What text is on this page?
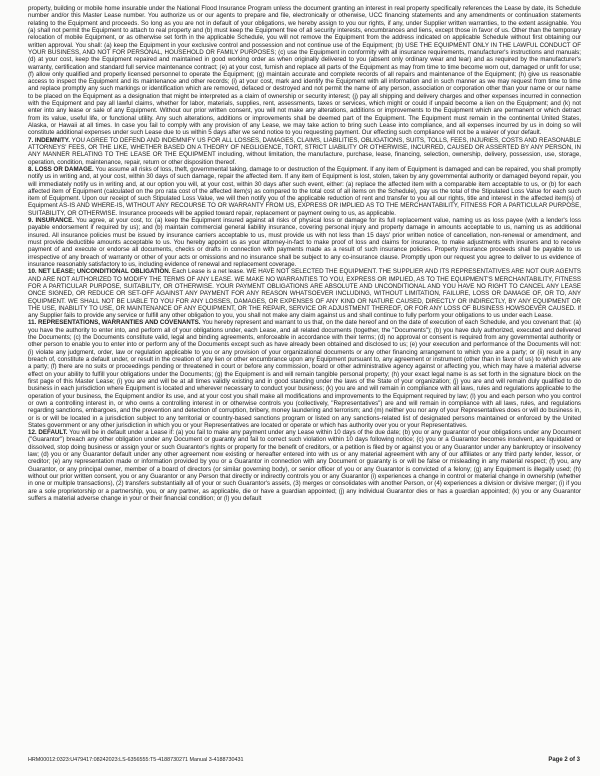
property, building or mobile home insurable under the National Flood Insurance Program unless the document granting an interest in real property specifically references the Lease by date, its Schedule number and/or this Master Lease number. You authorize us or our agents to prepare and file, electronically or otherwise, UCC financing statements and any amendments or continuation statements relating to the Equipment and proceeds. So long as you are not in default of your obligations, we hereby assign to you our rights, if any, under Supplier written warranties, to the extent assignable. You (a) shall not permit the Equipment to attach to real property and (b) must keep the Equipment free of all security interests, encumbrances and liens, except those in favor of us. Other than the temporary relocation of mobile Equipment, or as otherwise set forth in the applicable Schedule, you will not remove the Equipment from the address indicated on applicable Schedule without first obtaining our written approval. You shall: (a) keep the Equipment in your exclusive control and possession and not continue use of the Equipment; (b) USE THE EQUIPMENT ONLY IN THE LAWFUL CONDUCT OF YOUR BUSINESS, AND NOT FOR PERSONAL, HOUSEHOLD OR FAMILY PURPOSES; (c) use the Equipment in conformity with all insurance requirements, manufacturer's instructions and manuals; (d) at your cost, keep the Equipment repaired and maintained in good working order as when originally delivered to you (absent only ordinary wear and tear) and as required by the manufacturer's warranty, certification and standard full service maintenance contract; (e) at your cost, furnish and replace all parts of the Equipment as may from time to time become worn out, damaged or unfit for use; (f) allow only qualified and properly licensed personnel to operate the Equipment; (g) maintain accurate and complete records of all repairs and maintenance of the Equipment; (h) give us reasonable access to inspect the Equipment and its maintenance and other records; (i) at your cost, mark and identify the Equipment with all information and in such manner as we may request from time to time and replace promptly any such markings or identification which are removed, defaced or destroyed and not permit the name of any person, association or corporation other than your name or our name to be placed on the Equipment as a designation that might be interpreted as a claim of ownership or security interest; (j) pay all shipping and delivery charges and other expenses incurred in connection with the Equipment and pay all lawful claims, whether for labor, materials, supplies, rent, assessments, taxes or services, which might or could if unpaid become a lien on the Equipment; and (k) not enter into any lease or sale of any Equipment. Without our prior written consent, you will not make any alterations, additions or improvements to the Equipment which are permanent or which detract from its value, useful life, or functional utility. Any such alterations, additions or improvements shall be deemed part of the Equipment. The Equipment must remain in the continental United States, Alaska, or Hawaii at all times. In case you fail to comply with any provision of any Lease, we may take action to bring such Lease into compliance, and all expenses incurred by us in doing so will constitute additional expenses under such Lease due to us within 5 days after we send notice to you requesting payment. Our effecting such compliance will not be a waiver of your default.

7. INDEMNITY. YOU AGREE TO DEFEND AND INDEMNIFY US FOR ALL LOSSES, DAMAGES, CLAIMS, LIABILITIES, OBLIGATIONS, SUITS, TOLLS, FEES, INJURIES, COSTS AND REASONABLE ATTORNEYS' FEES, OR THE LIKE, WHETHER BASED ON A THEORY OF NEGLIGENCE, TORT, STRICT LIABILITY OR OTHERWISE, INCURRED, CAUSED OR ASSERTED BY ANY PERSON, IN ANY MANNER RELATING TO THE LEASE OR THE EQUIPMENT including, without limitation, the manufacture, purchase, lease, financing, selection, ownership, delivery, possession, use, storage, operation, condition, maintenance, repair, return or other disposition thereof.

8. LOSS OR DAMAGE. You assume all risks of loss, theft, governmental taking, damage to or destruction of the Equipment. If any item of Equipment is damaged and can be repaired, you shall promptly notify us in writing and, at your cost, within 30 days of such damage, repair the affected item. If any item of Equipment is lost, stolen, taken by any governmental authority or damaged beyond repair, you will immediately notify us in writing and, at our option you will, at your cost, within 30 days after such event, either: (a) replace the affected item with a comparable item acceptable to us, or (b) for each affected item of Equipment (calculated on the pro rata cost of the affected item(s) as compared to the total cost of all items on the Schedule), pay us the total of the Stipulated Loss Value for each such item of Equipment. Upon our receipt of such Stipulated Loss Value, we will then notify you of the applicable reduction of rent and transfer to you all our rights, title and interest in the affected item(s) of Equipment AS-IS AND WHERE-IS, WITHOUT ANY RECOURSE TO OR WARRANTY FROM US, EXPRESS OR IMPLIED AS TO THE MERCHANTABILITY, FITNESS FOR A PARTICULAR PURPOSE, SUITABILITY, OR OTHERWISE. Insurance proceeds will be applied toward repair, replacement or payment owing to us, as applicable.

9. INSURANCE. You agree, at your cost, to: (a) keep the Equipment insured against all risks of physical loss or damage for its full replacement value, naming us as loss payee (with a lender's loss payable endorsement if required by us); and (b) maintain commercial general liability insurance, covering personal injury and property damage in amounts acceptable to us, naming us as additional insured. All insurance policies must be issued by insurance carriers acceptable to us, must provide us with not less than 15 days' prior written notice of cancellation, non-renewal or amendment, and must provide deductible amounts acceptable to us. You hereby appoint us as your attorney-in-fact to make proof of loss and claims for insurance, to make adjustments with insurers and to receive payment of and execute or endorse all documents, checks or drafts in connection with payments made as a result of such insurance policies. Property insurance proceeds shall be payable to us irrespective of any breach of warranty or other of your acts or omissions and no insurance shall be subject to any co-insurance clause. Promptly upon our request you agree to deliver to us evidence of insurance reasonably satisfactory to us, including evidence of renewal and replacement coverage.

10. NET LEASE; UNCONDITIONAL OBLIGATION. Each Lease is a net lease. WE HAVE NOT SELECTED THE EQUIPMENT. THE SUPPLIER AND ITS REPRESENTATIVES ARE NOT OUR AGENTS AND ARE NOT AUTHORIZED TO MODIFY THE TERMS OF ANY LEASE. WE MAKE NO WARRANTIES TO YOU, EXPRESS OR IMPLIED, AS TO THE EQUIPMENT'S MERCHANTABILITY, FITNESS FOR A PARTICULAR PURPOSE, SUITABILITY, OR OTHERWISE. YOUR PAYMENT OBLIGATIONS ARE ABSOLUTE AND UNCONDITIONAL AND YOU HAVE NO RIGHT TO CANCEL ANY LEASE ONCE SIGNED, OR REDUCE OR SET-OFF AGAINST ANY PAYMENT FOR ANY REASON WHATSOEVER INCLUDING, WITHOUT LIMITATION, FAILURE, LOSS OR DAMAGE OF, OR TO, ANY EQUIPMENT. WE SHALL NOT BE LIABLE TO YOU FOR ANY LOSSES, DAMAGES, OR EXPENSES OF ANY KIND OR NATURE CAUSED, DIRECTLY OR INDIRECTLY, BY ANY EQUIPMENT OR THE USE, INABILITY TO USE, OR MAINTENANCE OF ANY EQUIPMENT, OR THE REPAIR, SERVICE OR ADJUSTMENT THEREOF, OR FOR ANY LOSS OF BUSINESS HOWSOEVER CAUSED. If any Supplier fails to provide any service or fulfill any other obligation to you, you shall not make any claim against us and shall continue to fully perform your obligations to us under each Lease.

11. REPRESENTATIONS, WARRANTIES AND COVENANTS. You hereby represent and warrant to us that, on the date hereof and on the date of execution of each Schedule, and you covenant that: (a) you have the authority to enter into, and perform all of your obligations under, each Lease, and all related documents (together, the "Documents"); (b) you have duly authorized, executed and delivered the Documents; (c) the Documents constitute valid, legal and binding agreements, enforceable in accordance with their terms; (d) no approval or consent is required from any governmental authority or other person to enable you to enter into or perform any of the Documents except such as have already been obtained and disclosed to us; (e) your execution and performance of the Documents will not: (i) violate any judgment, order, law or regulation applicable to you or any provision of your organizational documents or any other financing arrangement to which you are a party; or (ii) result in any breach of, constitute a default under, or result in the creation of any lien or other encumbrance upon any Equipment pursuant to, any agreement or instrument (other than in favor of us) to which you are a party; (f) there are no suits or proceedings pending or threatened in court or before any commission, board or other administrative agency against or affecting you, which may have a material adverse effect on your ability to fulfill your obligations under the Documents; (g) the Equipment is and will remain tangible personal property; (h) your exact legal name is as set forth in the signature block on the first page of this Master Lease; (i) you are and will be at all times validly existing and in good standing under the laws of the State of your organization; (j) you are and will remain duly qualified to do business in each jurisdiction where Equipment is located and wherever necessary to conduct your business; (k) you are and will remain in compliance with all laws, rules and regulations applicable to the operation of your business, the Equipment and/or its use, and at your cost you shall make all modifications and improvements to the Equipment required by law; (l) you and each person who you control or own a controlling interest in, or who owns a controlling interest in or otherwise controls you (collectively, "Representatives") are and will remain in compliance with all laws, rules, and regulations regarding sanctions, embargoes, and the prevention and detection of corruption, bribery, money laundering and terrorism; and (m) neither you nor any of your Representatives does or will do business in, or is or will be located in a jurisdiction subject to any territorial or country-based sanctions program or listed on any sanctions-related list of designated persons maintained or enforced by the United States government or any other jurisdiction in which you or your Representatives are located or operate or which has authority over you or your Representatives.

12. DEFAULT. You will be in default under a Lease if: (a) you fail to make any payment under any Lease within 10 days of the due date; (b) you or any guarantor of your obligations under any Document ("Guarantor") breach any other obligation under any Document or guaranty and fail to correct such violation within 10 days following notice; (c) you or a Guarantor becomes insolvent, are liquidated or dissolved, stop doing business or assign your or such Guarantor's rights or property for the benefit of creditors, or a petition is filed by or against you or any Guarantor under any bankruptcy or insolvency law; (d) you or any Guarantor default under any other agreement now existing or hereafter entered into with us or any material agreement with any of our affiliates or any third party lender, lessor, or creditor; (e) any representation made or information provided by you or a Guarantor in connection with any Document or guaranty is or will be false or misleading in any material respect; (f) you, any Guarantor, or any principal owner, member of a board of directors (or similar governing body), or senior officer of you or any Guarantor is convicted of a felony; (g) any Equipment is illegally used; (h) without our prior written consent, you or any Guarantor or any Person that directly or indirectly controls you or any Guarantor (i) experiences a change in control or material change in ownership (whether in one or multiple transactions), (2) transfers substantially all of your or such Guarantor's assets, (3) merges or consolidates with another Person, or (4) experiences a division or divisive merger; (i) if you are a sole proprietorship or a partnership, you, or any partner, as applicable, die or have a guardian appointed; (j) any individual Guarantor dies or has a guardian appointed; (k) you or any Guarantor suffers a material adverse change in your or their financial condition; or (l) you default

HRM00012:0323:U479417:08242023:LS-6356555:T5-4188730271 Manual 3-4188730431	Page 2 of 3
